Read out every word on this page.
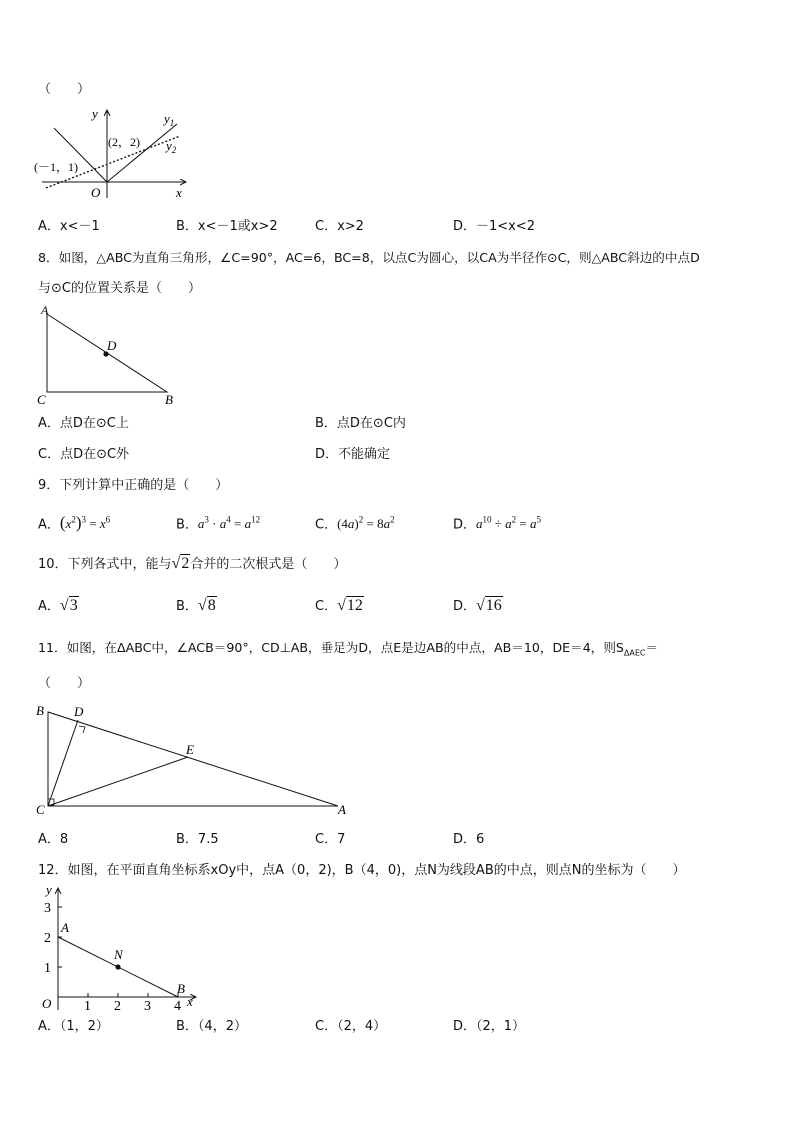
（　　）
y
x
O
$y_1$
$y_2$
(2，2)
(－1，1)
A．x<－1	B．x<－1或x>2	C．x>2	D．－1<x<2
8．如图，△ABC为直角三角形，∠C=90°，AC=6，BC=8，以点C为圆心，以CA为半径作⊙C，则△ABC斜边的中点D
与⊙C的位置关系是（　　）
A
C	B
D
A．点D在⊙C上	B．点D在⊙C内
C．点D在⊙C外	D．不能确定
9．下列计算中正确的是（　　）
A．$(x^2)^3 = x^6$	B．$a^3 \cdot a^4 = a^{12}$	C．$(4a)^2 = 8a^2$	D．$a^{10} \div a^2 = a^5$
10．下列各式中，能与√2合并的二次根式是（　　）
A．√3	B．√8	C．√12	D．√16
11．如图，在ΔABC中，∠ACB＝90°，CD⊥AB，垂足为D，点E是边AB的中点，AB＝10，DE＝4，则$S_{\Delta AEC}=$
（　　）
B D
E
C	A
A．8	B．7.5	C．7	D．6
12．如图，在平面直角坐标系xOy中，点A（0，2)，B（4，0)，点N为线段AB的中点，则点N的坐标为（　　）
y
x
O
A
N
B
1
2
3
1 2 3 4
A．（1，2）	B．（4，2）	C．（2，4）	D．（2，1）
